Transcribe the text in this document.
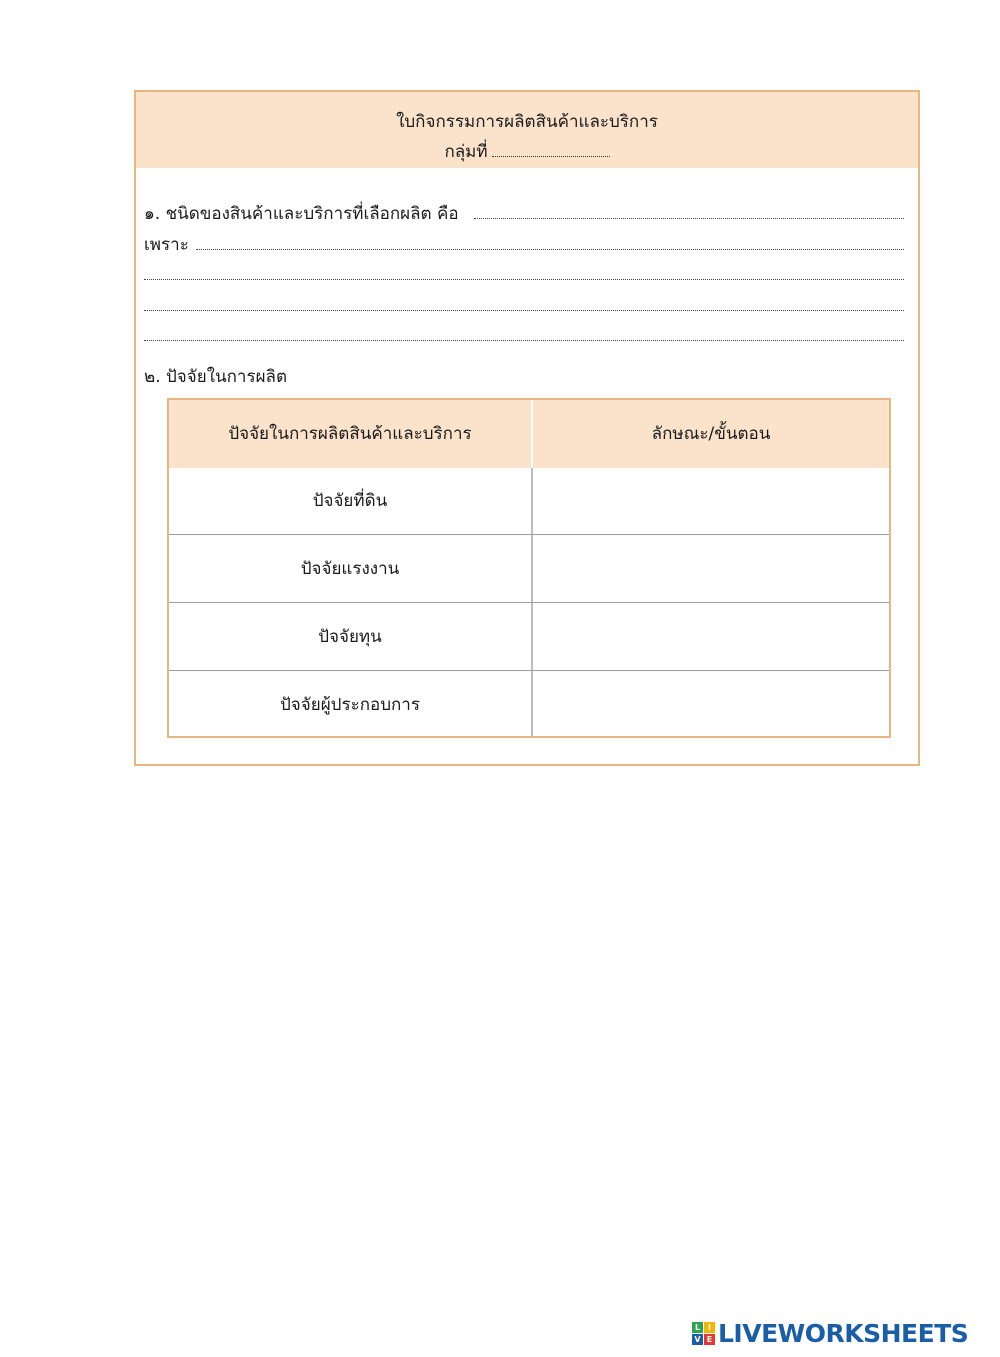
ใบกิจกรรมการผลิตสินค้าและบริการ
กลุ่มที่
๑. ชนิดของสินค้าและบริการที่เลือกผลิต คือ
เพราะ
๒. ปัจจัยในการผลิต
ปัจจัยในการผลิตสินค้าและบริการ	ลักษณะ/ขั้นตอน
ปัจจัยที่ดิน
ปัจจัยแรงงาน
ปัจจัยทุน
ปัจจัยผู้ประกอบการ
L I
V E LIVEWORKSHEETS
